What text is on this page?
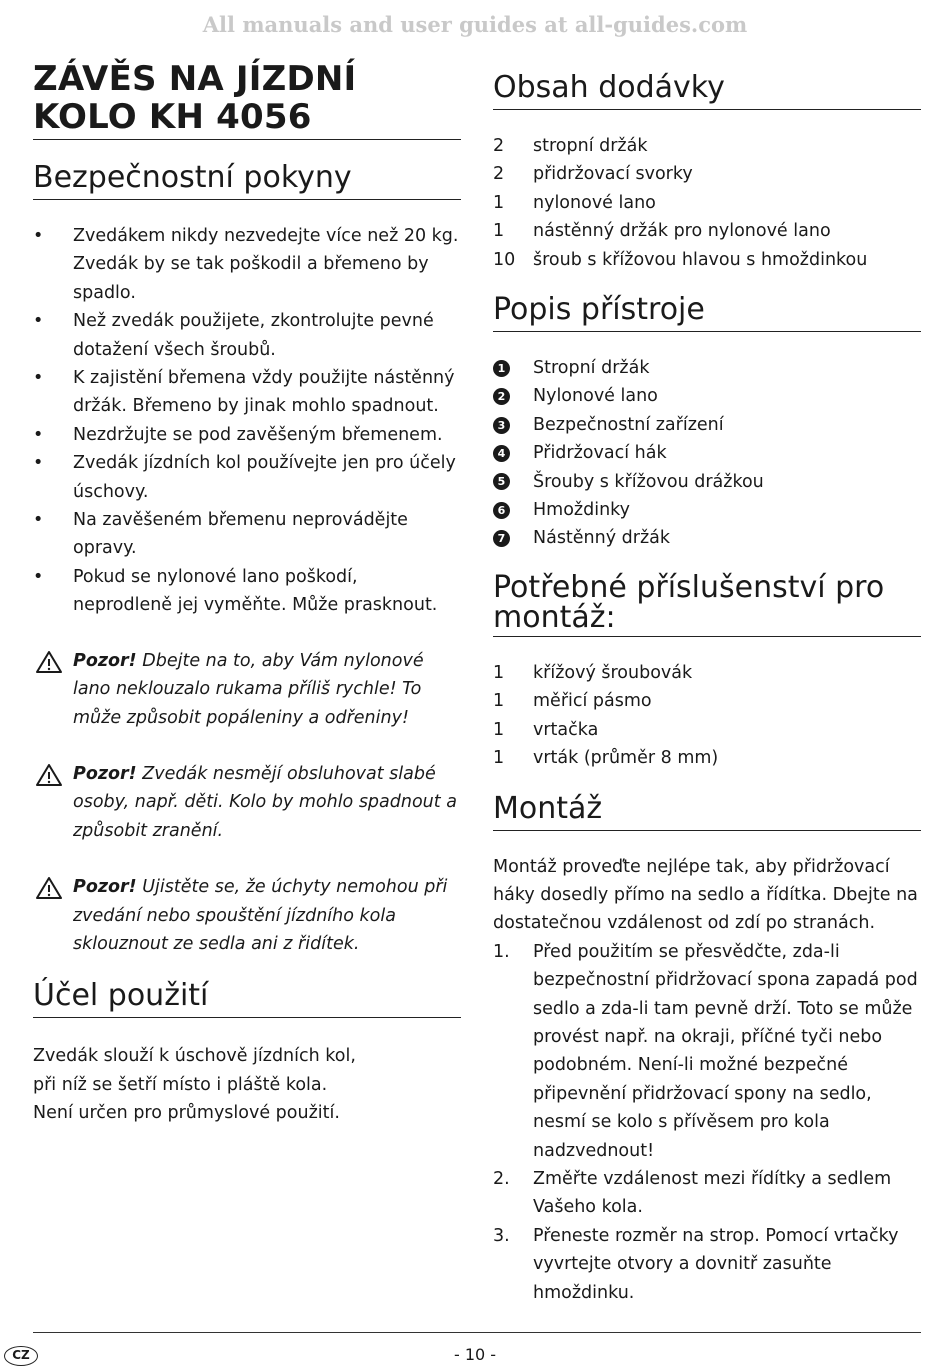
All manuals and user guides at all-guides.com
ZÁVĚS NA JÍZDNÍ
KOLO KH 4056
Bezpečnostní pokyny
• Zvedákem nikdy nezvedejte více než 20 kg. Zvedák by se tak poškodil a břemeno by spadlo.
• Než zvedák použijete, zkontrolujte pevné dotažení všech šroubů.
• K zajistění břemena vždy použijte nástěnný držák. Břemeno by jinak mohlo spadnout.
• Nezdržujte se pod zavěšeným břemenem.
• Zvedák jízdních kol používejte jen pro účely úschovy.
• Na zavěšeném břemenu neprovádějte opravy.
• Pokud se nylonové lano poškodí, neprodleně jej vyměňte. Může prasknout.

Pozor! Dbejte na to, aby Vám nylonové lano neklouzalo rukama příliš rychle! To může způsobit popáleniny a odřeniny!

Pozor! Zvedák nesmějí obsluhovat slabé osoby, např. děti. Kolo by mohlo spadnout a způsobit zranění.

Pozor! Ujistěte se, že úchyty nemohou při zvedání nebo spouštění jízdního kola sklouznout ze sedla ani z řidítek.

Účel použití

Zvedák slouží k úschově jízdních kol,
při níž se šetří místo i pláště kola.
Není určen pro průmyslové použití.

Obsah dodávky
2	stropní držák
2	přidržovací svorky
1	nylonové lano
1	nástěnný držák pro nylonové lano
10	šroub s křížovou hlavou s hmoždinkou
Popis přístroje
1 Stropní držák
2 Nylonové lano
3 Bezpečnostní zařízení
4 Přidržovací hák
5 Šrouby s křížovou drážkou
6 Hmoždinky
7 Nástěnný držák
Potřebné příslušenství pro
montáž:
1	křížový šroubovák
1	měřicí pásmo
1	vrtačka
1	vrták (průměr 8 mm)
Montáž

Montáž proveďte nejlépe tak, aby přidržovací háky dosedly přímo na sedlo a řídítka. Dbejte na dostatečnou vzdálenost od zdí po stranách.

1.	Před použitím se přesvědčte, zda-li bezpečnostní přidržovací spona zapadá pod sedlo a zda-li tam pevně drží. Toto se může provést např. na okraji, příčné tyči nebo podobném. Není-li možné bezpečné připevnění přidržovací spony na sedlo, nesmí se kolo s přívěsem pro kola nadzvednout!
2.	Změřte vzdálenost mezi řídítky a sedlem Vašeho kola.
3.	Přeneste rozměr na strop. Pomocí vrtačky vyvrtejte otvory a dovnitř zasuňte hmoždinku.
CZ	- 10 -
